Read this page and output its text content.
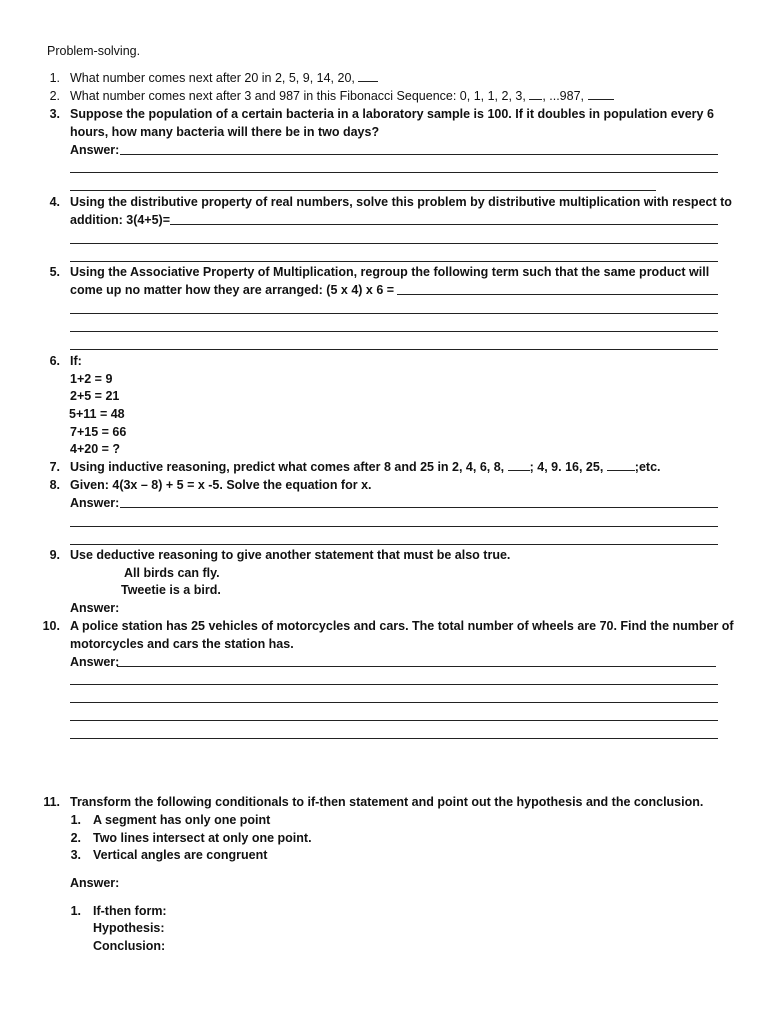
Problem-solving.
1. What number comes next after 20 in 2, 5, 9, 14, 20,
2. What number comes next after 3 and 987 in this Fibonacci Sequence: 0, 1, 1, 2, 3, , ...987,
3. Suppose the population of a certain bacteria in a laboratory sample is 100. If it doubles in population every 6
hours, how many bacteria will there be in two days?
Answer:
4. Using the distributive property of real numbers, solve this problem by distributive multiplication with respect to
addition: 3(4+5)=
5. Using the Associative Property of Multiplication, regroup the following term such that the same product will
come up no matter how they are arranged: (5 x 4) x 6 =
6. If:
1+2 = 9
2+5 = 21
5+11 = 48
7+15 = 66
4+20 = ?
7. Using inductive reasoning, predict what comes after 8 and 25 in 2, 4, 6, 8, ; 4, 9. 16, 25,	;etc.
8. Given: 4(3x – 8) + 5 = x -5. Solve the equation for x.
Answer:
9. Use deductive reasoning to give another statement that must be also true.
All birds can fly.
Tweetie is a bird.
Answer:
10. A police station has 25 vehicles of motorcycles and cars. The total number of wheels are 70. Find the number of
motorcycles and cars the station has.
Answer:
11. Transform the following conditionals to if-then statement and point out the hypothesis and the conclusion.
1. A segment has only one point
2. Two lines intersect at only one point.
3. Vertical angles are congruent
Answer:
1. If-then form:
Hypothesis:
Conclusion:
